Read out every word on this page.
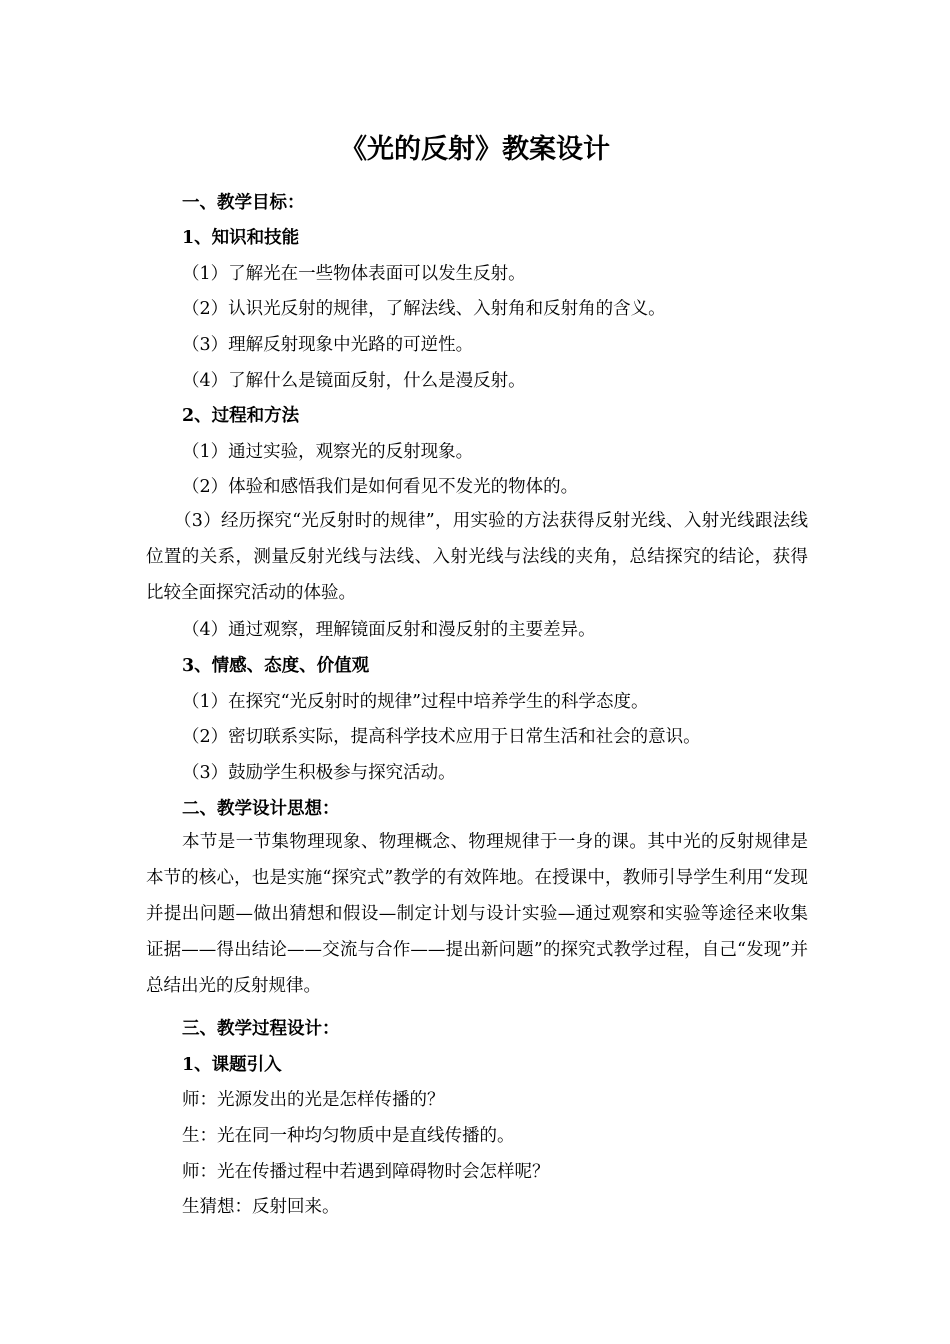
《光的反射》教案设计
一、教学目标：
1、知识和技能
（1）了解光在一些物体表面可以发生反射。
（2）认识光反射的规律，了解法线、入射角和反射角的含义。
（3）理解反射现象中光路的可逆性。
（4）了解什么是镜面反射，什么是漫反射。
2、过程和方法
（1）通过实验，观察光的反射现象。
（2）体验和感悟我们是如何看见不发光的物体的。
（3）经历探究“光反射时的规律”，用实验的方法获得反射光线、入射光线跟法线位置的关系，测量反射光线与法线、入射光线与法线的夹角，总结探究的结论，获得比较全面探究活动的体验。
（4）通过观察，理解镜面反射和漫反射的主要差异。
3、情感、态度、价值观
（1）在探究“光反射时的规律”过程中培养学生的科学态度。
（2）密切联系实际，提高科学技术应用于日常生活和社会的意识。
（3）鼓励学生积极参与探究活动。
二、教学设计思想：
本节是一节集物理现象、物理概念、物理规律于一身的课。其中光的反射规律是本节的核心，也是实施“探究式”教学的有效阵地。在授课中，教师引导学生利用“发现并提出问题—做出猜想和假设—制定计划与设计实验—通过观察和实验等途径来收集证据——得出结论——交流与合作——提出新问题”的探究式教学过程，自己“发现”并总结出光的反射规律。
三、教学过程设计：
1、课题引入
师：光源发出的光是怎样传播的？
生：光在同一种均匀物质中是直线传播的。
师：光在传播过程中若遇到障碍物时会怎样呢？
生猜想：反射回来。
